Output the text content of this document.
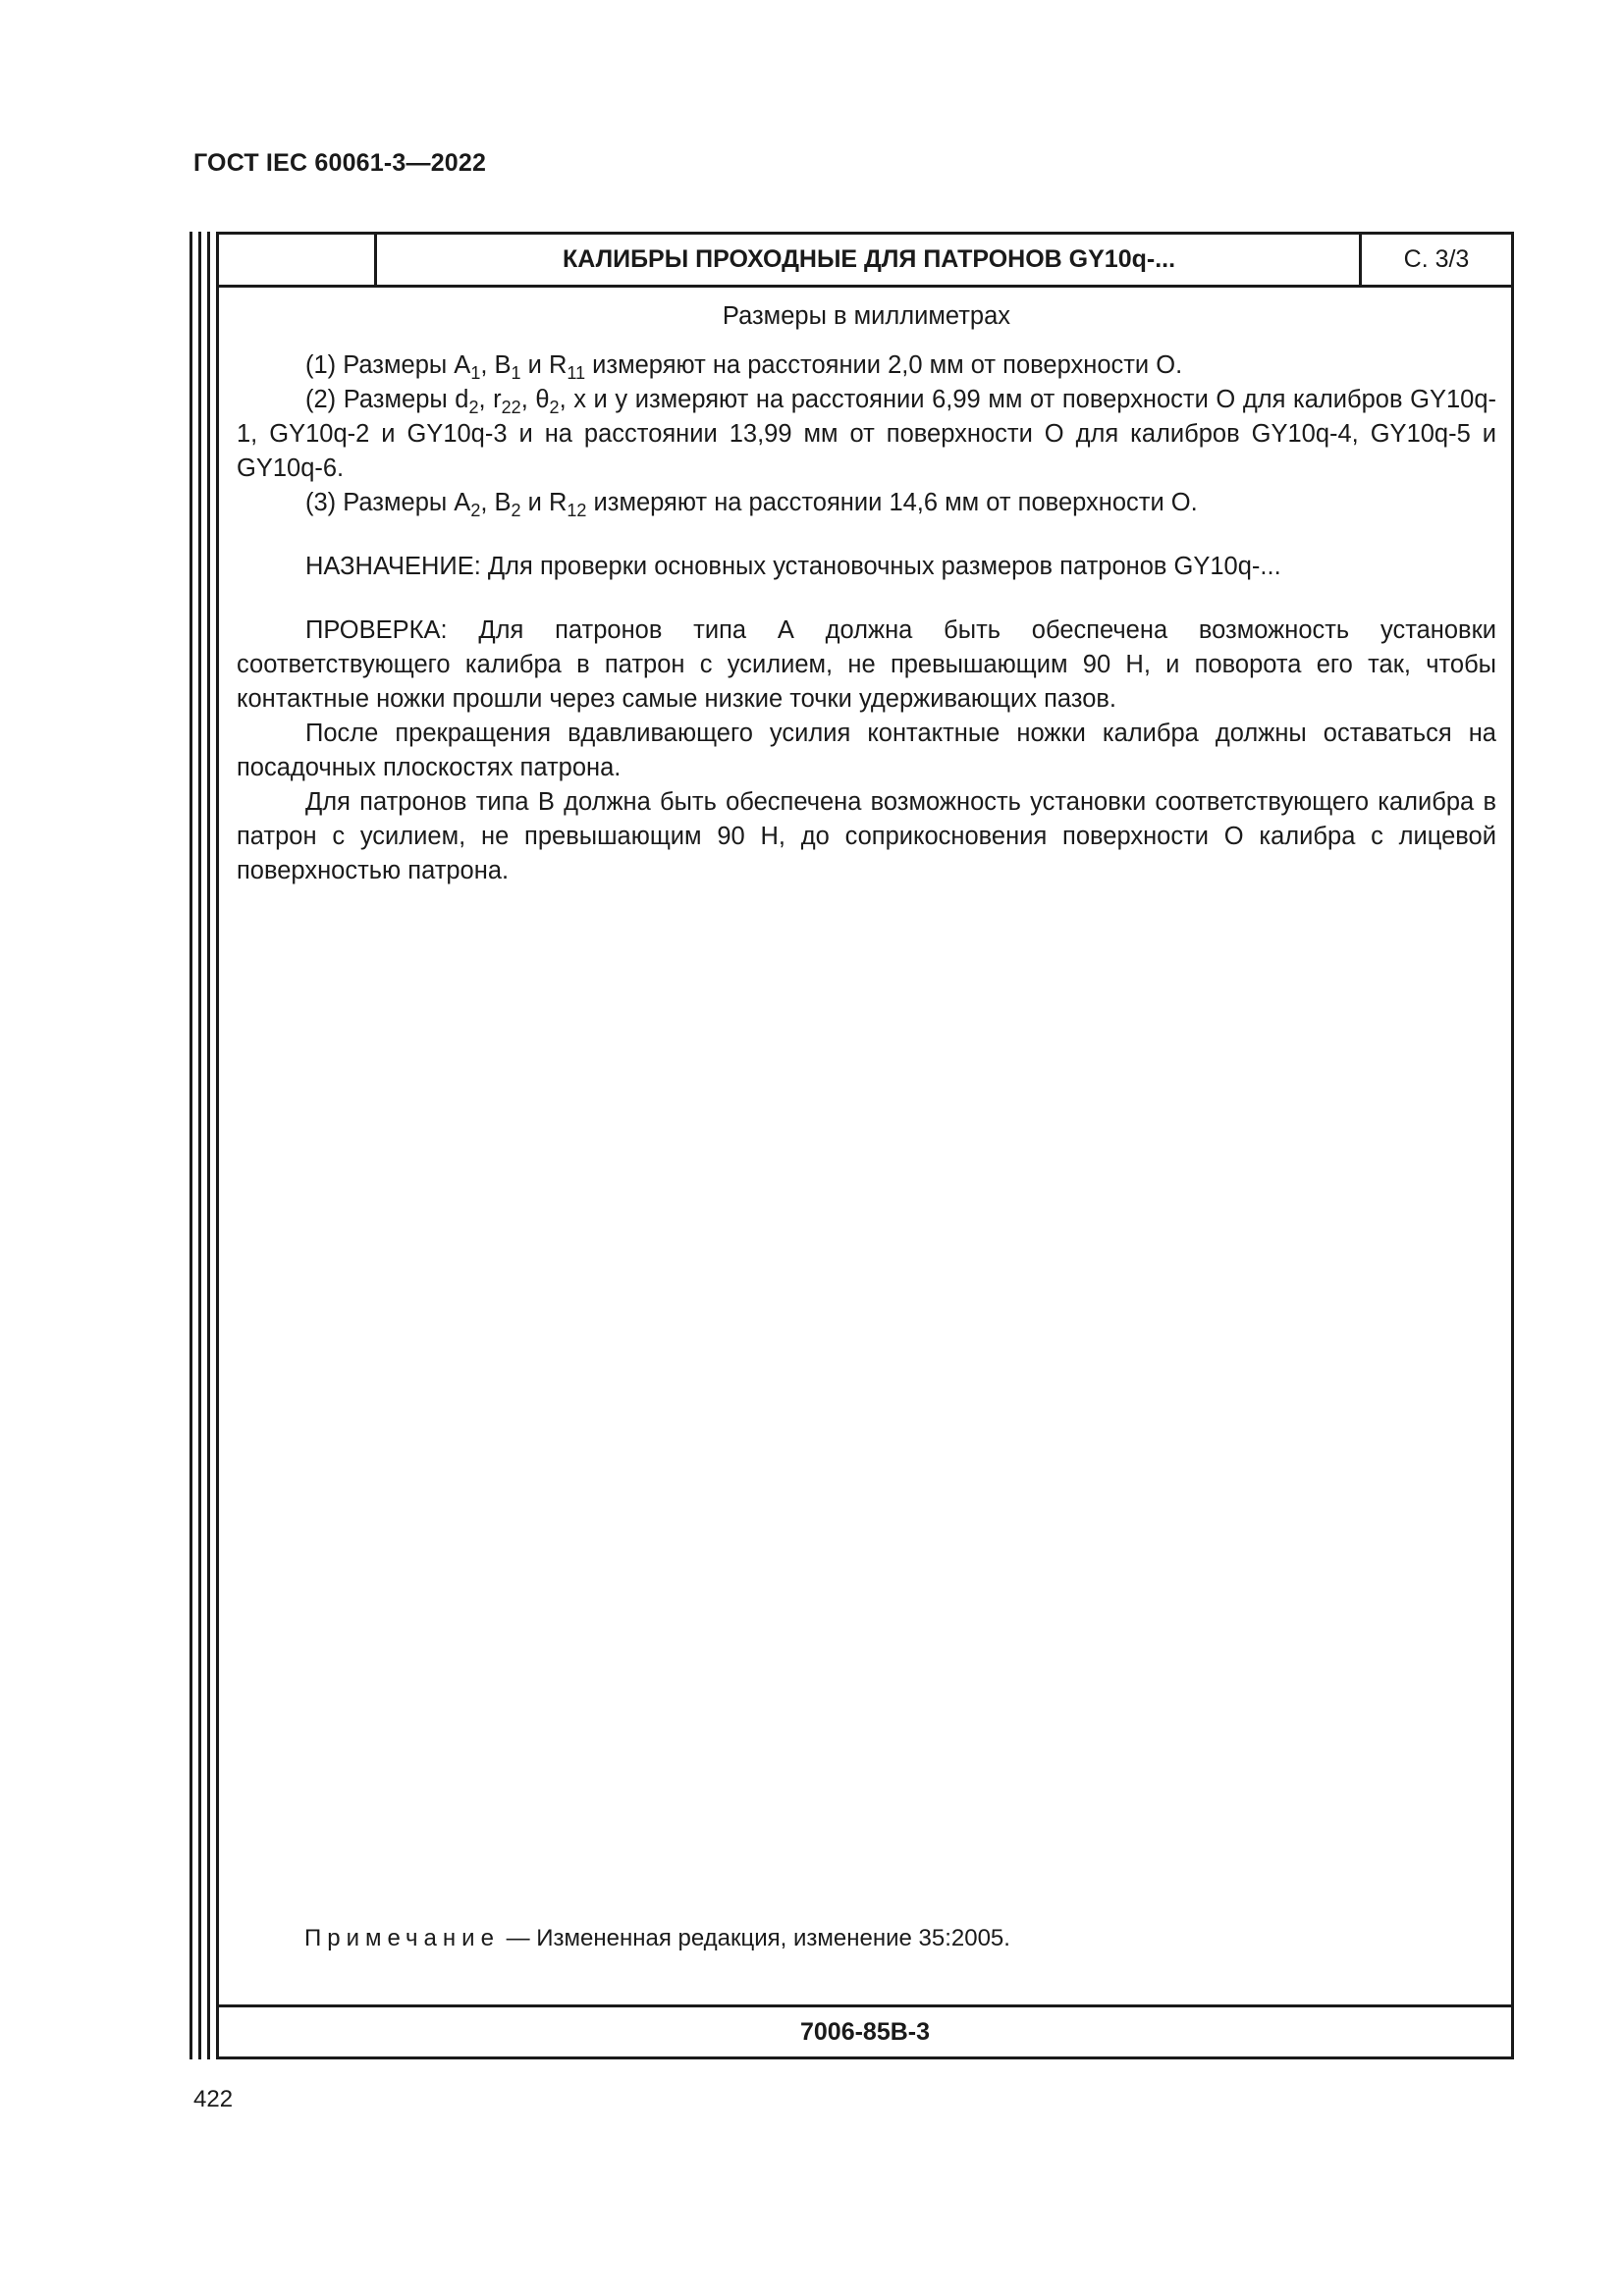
ГОСТ IEC 60061-3—2022
КАЛИБРЫ ПРОХОДНЫЕ ДЛЯ ПАТРОНОВ GY10q-...	С. 3/3

Размеры в миллиметрах

(1) Размеры $A_1$, $B_1$ и $R_{11}$ измеряют на расстоянии 2,0 мм от поверхности O.

(2) Размеры $d_2$, $r_{22}$, $\theta_2$, x и y измеряют на расстоянии 6,99 мм от поверхности O для калибров GY10q-1, GY10q-2 и GY10q-3 и на расстоянии 13,99 мм от поверхности O для калибров GY10q-4, GY10q-5 и GY10q-6.

(3) Размеры $A_2$, $B_2$ и $R_{12}$ измеряют на расстоянии 14,6 мм от поверхности O.

НАЗНАЧЕНИЕ: Для проверки основных установочных размеров патронов GY10q-...

ПРОВЕРКА: Для патронов типа А должна быть обеспечена возможность установки соответствующего калибра в патрон с усилием, не превышающим 90 Н, и поворота его так, чтобы контактные ножки прошли через самые низкие точки удерживающих пазов.

После прекращения вдавливающего усилия контактные ножки калибра должны оставаться на посадочных плоскостях патрона.

Для патронов типа В должна быть обеспечена возможность установки соответствующего калибра в патрон с усилием, не превышающим 90 Н, до соприкосновения поверхности O калибра с лицевой поверхностью патрона.

Примечание — Измененная редакция, изменение 35:2005.
7006-85B-3
422
